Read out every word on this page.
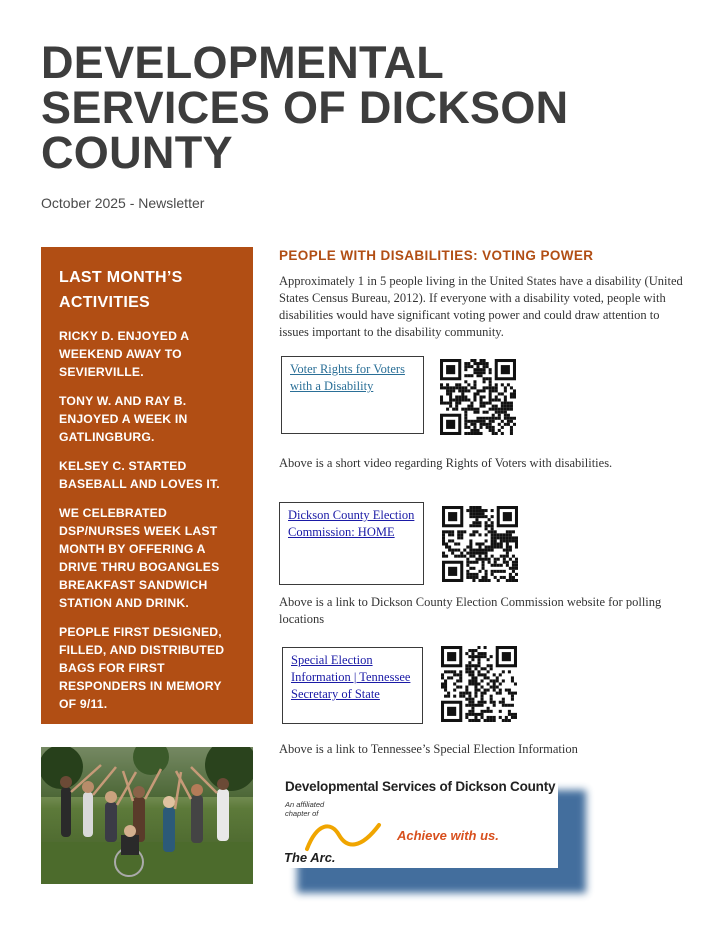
DEVELOPMENTAL SERVICES OF DICKSON COUNTY
October 2025 - Newsletter
LAST MONTH’S ACTIVITIES

RICKY D. ENJOYED A WEEKEND AWAY TO SEVIERVILLE.

TONY W. AND RAY B. ENJOYED A WEEK IN GATLINGBURG.

KELSEY C. STARTED BASEBALL AND LOVES IT.

WE CELEBRATED DSP/NURSES WEEK LAST MONTH BY OFFERING A DRIVE THRU BOGANGLES BREAKFAST SANDWICH STATION AND DRINK.

PEOPLE FIRST DESIGNED, FILLED, AND DISTRIBUTED BAGS FOR FIRST RESPONDERS IN MEMORY OF 9/11.

PEOPLE WITH DISABILITIES: VOTING POWER

Approximately 1 in 5 people living in the United States have a disability (United States Census Bureau, 2012). If everyone with a disability voted, people with disabilities would have significant voting power and could draw attention to issues important to the disability community.

Voter Rights for Voters with a Disability

Above is a short video regarding Rights of Voters with disabilities.

Dickson County Election Commission: HOME

Above is a link to Dickson County Election Commission website for polling locations

Special Election Information | Tennessee Secretary of State

Above is a link to Tennessee’s Special Election Information

Developmental Services of Dickson County
An affiliated
chapter of
The Arc.
Achieve with us.
